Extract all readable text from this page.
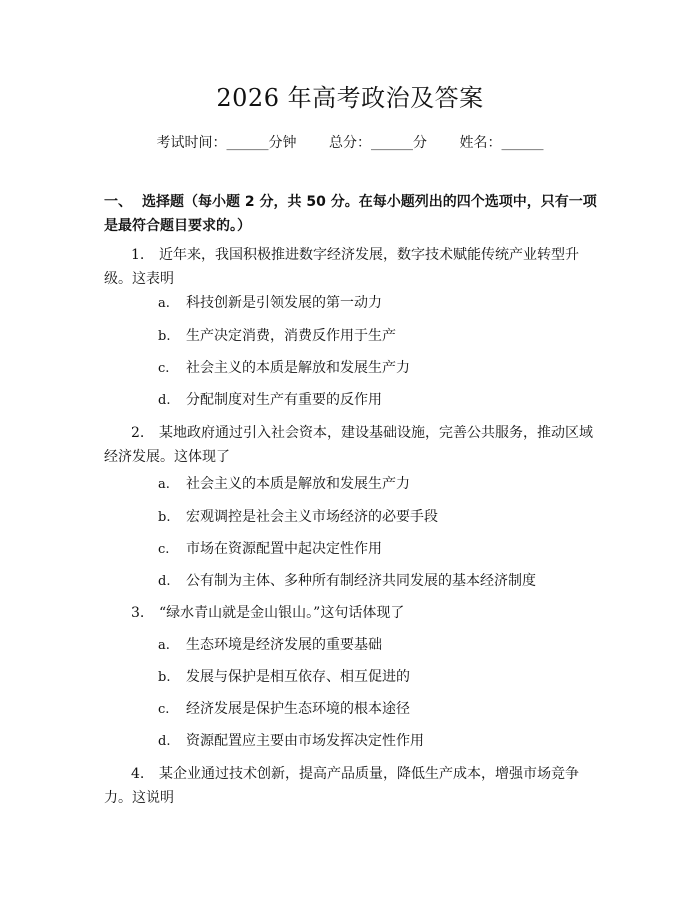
2026 年高考政治及答案
考试时间：______分钟 总分：______分 姓名：______
一、 选择题（每小题 2 分，共 50 分。在每小题列出的四个选项中，只有一项是最符合题目要求的。）
1. 近年来，我国积极推进数字经济发展，数字技术赋能传统产业转型升级。这表明
a. 科技创新是引领发展的第一动力
b. 生产决定消费，消费反作用于生产
c. 社会主义的本质是解放和发展生产力
d. 分配制度对生产有重要的反作用
2. 某地政府通过引入社会资本，建设基础设施，完善公共服务，推动区域经济发展。这体现了
a. 社会主义的本质是解放和发展生产力
b. 宏观调控是社会主义市场经济的必要手段
c. 市场在资源配置中起决定性作用
d. 公有制为主体、多种所有制经济共同发展的基本经济制度
3. “绿水青山就是金山银山。”这句话体现了
a. 生态环境是经济发展的重要基础
b. 发展与保护是相互依存、相互促进的
c. 经济发展是保护生态环境的根本途径
d. 资源配置应主要由市场发挥决定性作用
4. 某企业通过技术创新，提高产品质量，降低生产成本，增强市场竞争力。这说明
